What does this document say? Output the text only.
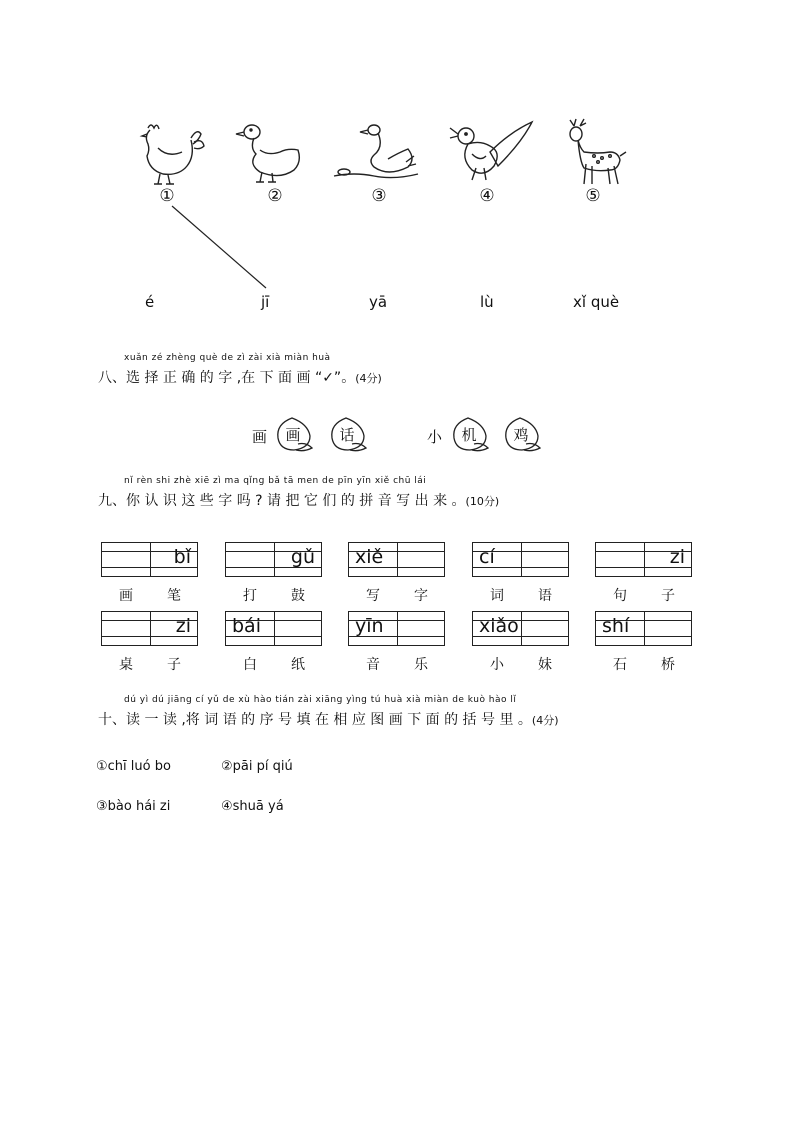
①	②	③	④	⑤
é	jī	yā	lù	xǐ què
xuǎn zé zhèng què de zì zài xià miàn huà
八、选 择 正 确 的 字 ,在 下 面 画 “✓”。(4分)
画	画	话	小	机	鸡
nǐ rèn shi zhè xiē zì ma qǐng bǎ tā men de pīn yīn xiě chū lái
九、你 认 识 这 些 字 吗 ? 请 把 它 们 的 拼 音 写 出 来 。(10分)
bǐ
画 笔
gǔ
打 鼓
xiě
写 字
cí
词 语
zi
句 子
zi
桌 子
bái
白 纸
yīn
音 乐
xiǎo
小 妹
shí
石 桥
dú yì dú jiāng cí yǔ de xù hào tián zài xiāng yìng tú huà xià miàn de kuò hào lǐ
十、读 一 读 ,将 词 语 的 序 号 填 在 相 应 图 画 下 面 的 括 号 里 。(4分)
①chī luó bo	②pāi pí qiú
③bào hái zi	④shuā yá
